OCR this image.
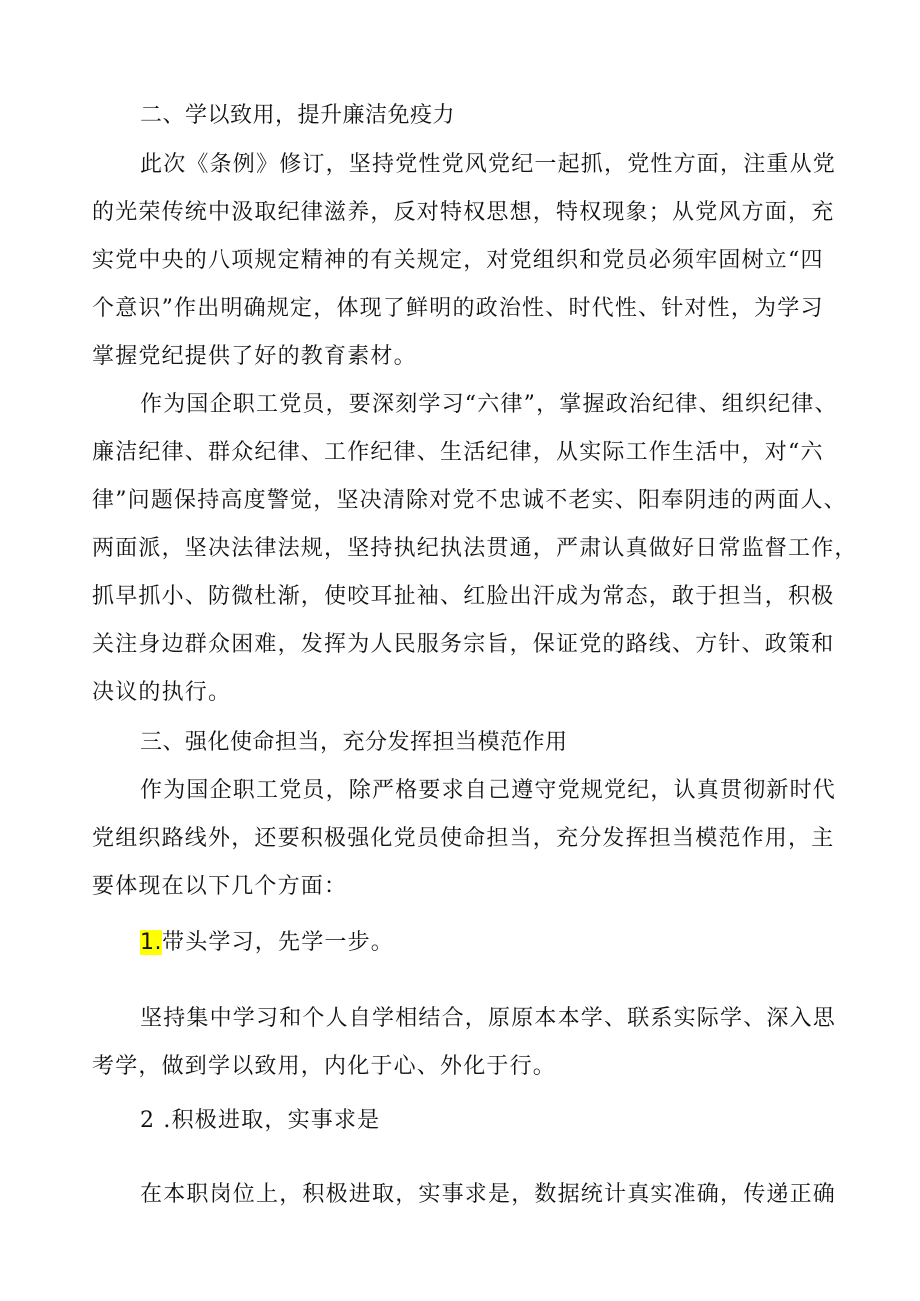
二、学以致用，提升廉洁免疫力
此次《条例》修订，坚持党性党风党纪一起抓，党性方面，注重从党
的光荣传统中汲取纪律滋养，反对特权思想，特权现象；从党风方面，充
实党中央的八项规定精神的有关规定，对党组织和党员必须牢固树立“四
个意识”作出明确规定，体现了鲜明的政治性、时代性、针对性，为学习
掌握党纪提供了好的教育素材。
作为国企职工党员，要深刻学习“六律”，掌握政治纪律、组织纪律、
廉洁纪律、群众纪律、工作纪律、生活纪律，从实际工作生活中，对“六
律”问题保持高度警觉，坚决清除对党不忠诚不老实、阳奉阴违的两面人、
两面派，坚决法律法规，坚持执纪执法贯通，严肃认真做好日常监督工作，
抓早抓小、防微杜渐，使咬耳扯袖、红脸出汗成为常态，敢于担当，积极
关注身边群众困难，发挥为人民服务宗旨，保证党的路线、方针、政策和
决议的执行。
三、强化使命担当，充分发挥担当模范作用
作为国企职工党员，除严格要求自己遵守党规党纪，认真贯彻新时代
党组织路线外，还要积极强化党员使命担当，充分发挥担当模范作用，主
要体现在以下几个方面：
1.带头学习，先学一步。
坚持集中学习和个人自学相结合，原原本本学、联系实际学、深入思
考学，做到学以致用，内化于心、外化于行。
2 .积极进取，实事求是
在本职岗位上，积极进取，实事求是，数据统计真实准确，传递正确
